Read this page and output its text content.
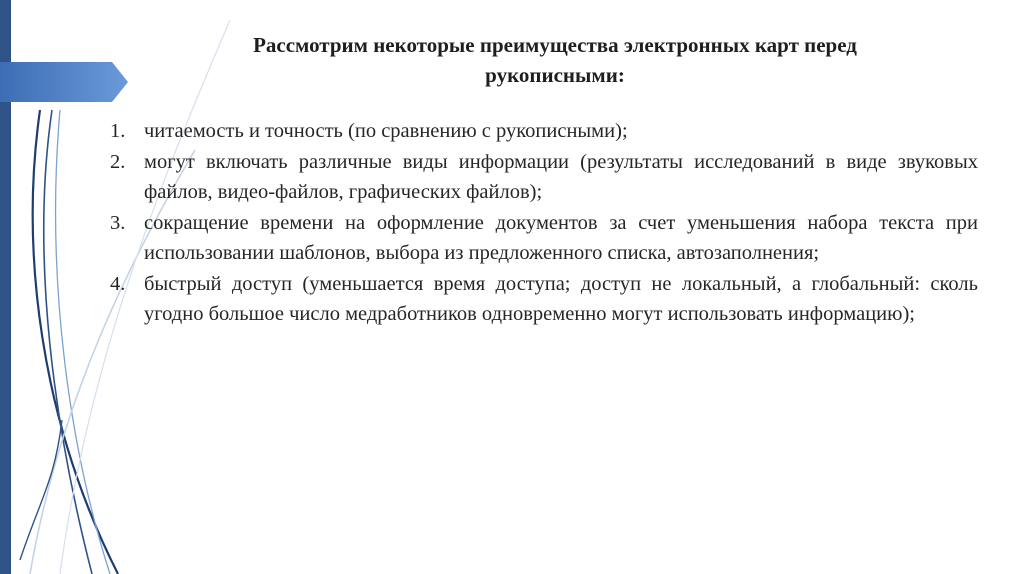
Рассмотрим некоторые преимущества электронных карт перед
рукописными:
1. читаемость и точность (по сравнению с рукописными);
2. могут включать различные виды информации (результаты исследований в виде звуковых файлов, видео-файлов, графических файлов);
3. сокращение времени на оформление документов за счет уменьшения набора текста при использовании шаблонов, выбора из предложенного списка, автозаполнения;
4. быстрый доступ (уменьшается время доступа; доступ не локальный, а глобальный: сколь угодно большое число медработников одновременно могут использовать информацию);
